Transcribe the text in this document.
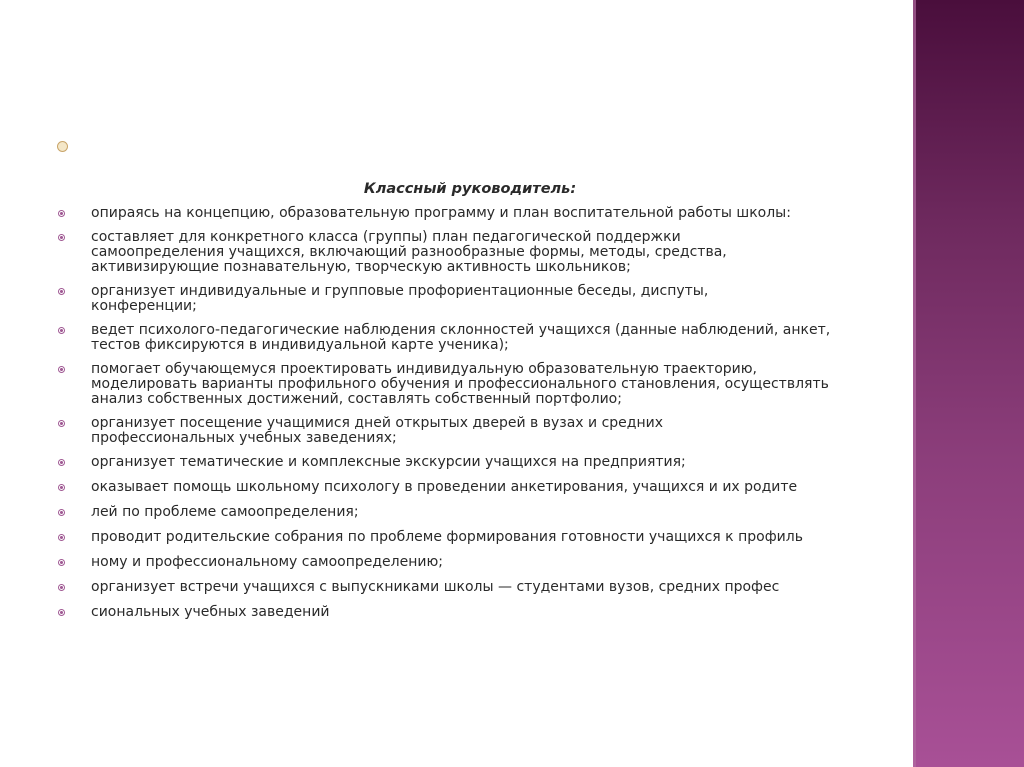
Классный руководитель:
опираясь на концепцию, образовательную программу и план воспитательной работы школы:
составляет для конкретного класса (группы) план педагогической поддержки самоопределения учащихся, включающий разнообразные формы, методы, средства, активизирующие познавательную, творческую активность школьников;
организует индивидуальные и групповые профориентационные беседы, диспуты, конференции;
ведет психолого-педагогические наблюдения склонностей учащихся (данные наблюдений, анкет, тестов фиксируются в индивидуальной карте ученика);
помогает обучающемуся проектировать индивидуальную образовательную траекторию, моделировать варианты профильного обучения и профессионального становления, осуществлять анализ собственных достижений, составлять собственный портфолио;
организует посещение учащимися дней открытых дверей в вузах и средних профессиональных учебных заведениях;
организует тематические и комплексные экскурсии учащихся на предприятия;
оказывает помощь школьному психологу в проведении анкетирования, учащихся и их родите
лей по проблеме самоопределения;
проводит родительские собрания по проблеме формирования готовности учащихся к профиль
ному и профессиональному самоопределению;
организует встречи учащихся с выпускниками школы — студентами вузов, средних профес
сиональных учебных заведений
